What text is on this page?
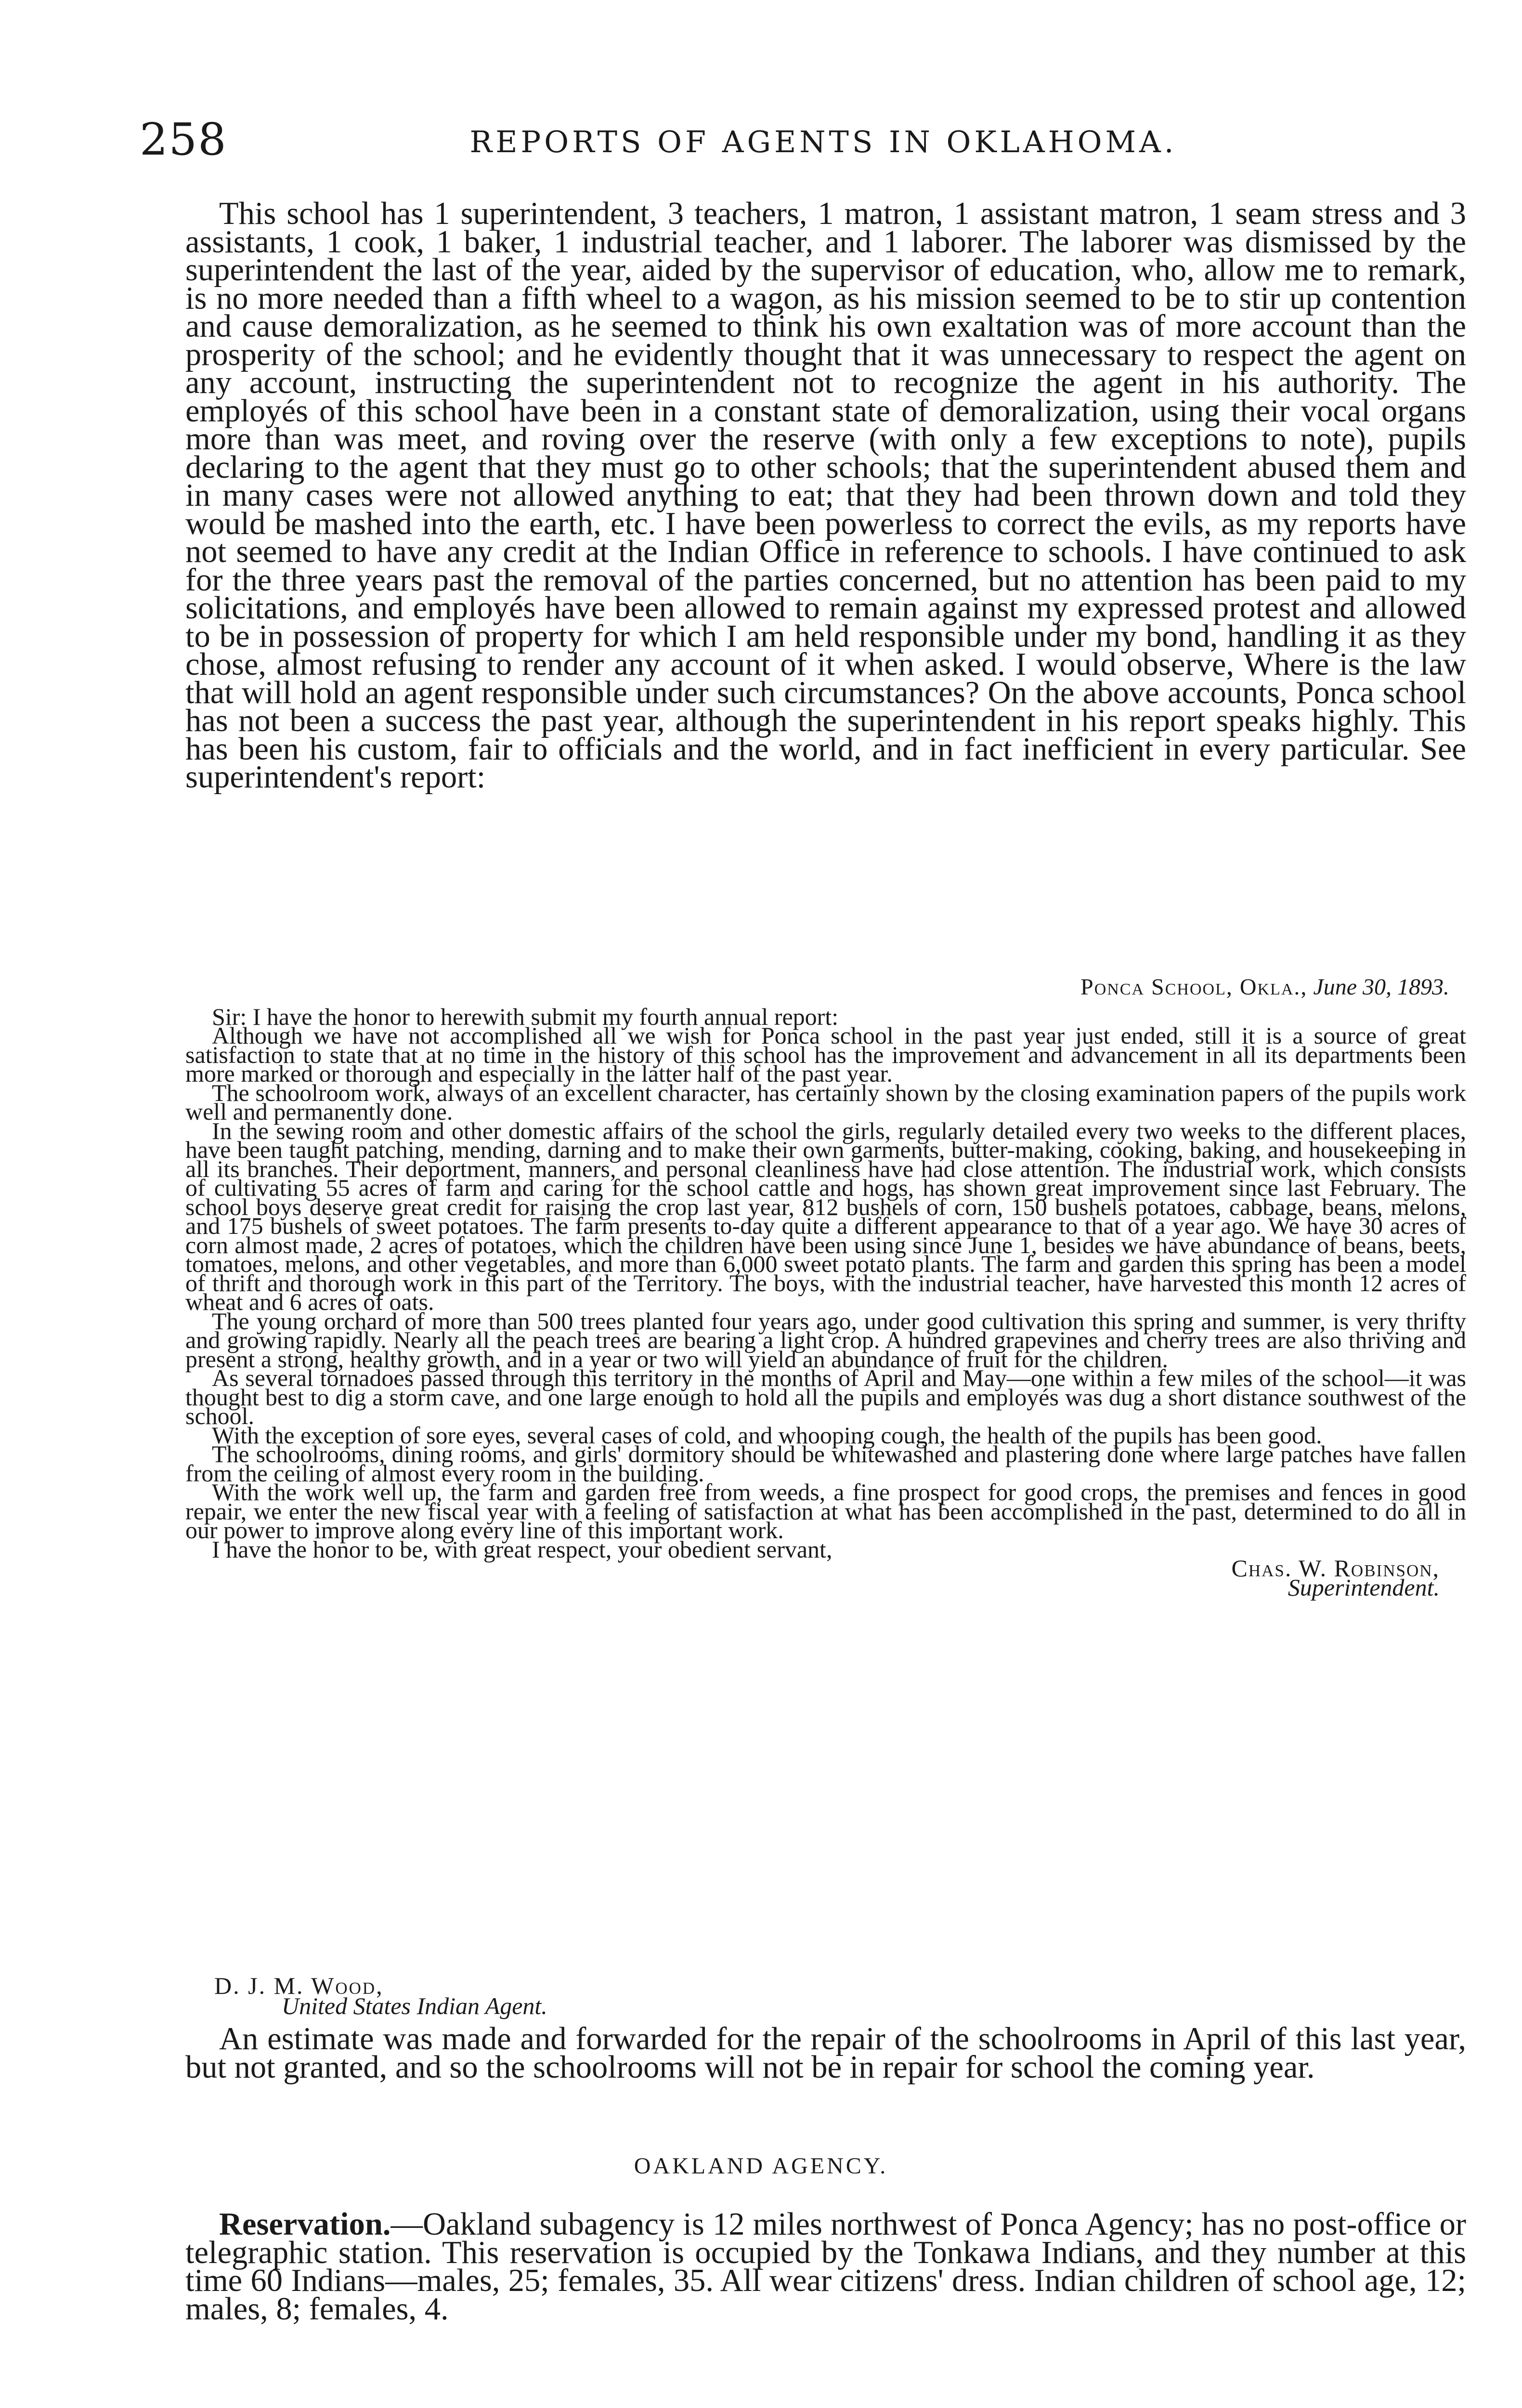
258	REPORTS OF AGENTS IN OKLAHOMA.

This school has 1 superintendent, 3 teachers, 1 matron, 1 assistant matron, 1 seam stress and 3 assistants, 1 cook, 1 baker, 1 industrial teacher, and 1 laborer. The laborer was dismissed by the superintendent the last of the year, aided by the supervisor of education, who, allow me to remark, is no more needed than a fifth wheel to a wagon, as his mission seemed to be to stir up contention and cause demoralization, as he seemed to think his own exaltation was of more account than the prosperity of the school; and he evidently thought that it was unnecessary to respect the agent on any account, instructing the superintendent not to recognize the agent in his authority. The employés of this school have been in a constant state of demoralization, using their vocal organs more than was meet, and roving over the reserve (with only a few exceptions to note), pupils declaring to the agent that they must go to other schools; that the superintendent abused them and in many cases were not allowed anything to eat; that they had been thrown down and told they would be mashed into the earth, etc. I have been powerless to correct the evils, as my reports have not seemed to have any credit at the Indian Office in reference to schools. I have continued to ask for the three years past the removal of the parties concerned, but no attention has been paid to my solicitations, and employés have been allowed to remain against my expressed protest and allowed to be in possession of property for which I am held responsible under my bond, handling it as they chose, almost refusing to render any account of it when asked. I would observe, Where is the law that will hold an agent responsible under such circumstances? On the above accounts, Ponca school has not been a success the past year, although the superintendent in his report speaks highly. This has been his custom, fair to officials and the world, and in fact inefficient in every particular. See superintendent's report:

Ponca School, Okla., June 30, 1893.

Sir: I have the honor to herewith submit my fourth annual report:

Although we have not accomplished all we wish for Ponca school in the past year just ended, still it is a source of great satisfaction to state that at no time in the history of this school has the improvement and advancement in all its departments been more marked or thorough and especially in the latter half of the past year.

The schoolroom work, always of an excellent character, has certainly shown by the closing examination papers of the pupils work well and permanently done.

In the sewing room and other domestic affairs of the school the girls, regularly detailed every two weeks to the different places, have been taught patching, mending, darning and to make their own garments, butter-making, cooking, baking, and housekeeping in all its branches. Their deportment, manners, and personal cleanliness have had close attention. The industrial work, which consists of cultivating 55 acres of farm and caring for the school cattle and hogs, has shown great improvement since last February. The school boys deserve great credit for raising the crop last year, 812 bushels of corn, 150 bushels potatoes, cabbage, beans, melons, and 175 bushels of sweet potatoes. The farm presents to-day quite a different appearance to that of a year ago. We have 30 acres of corn almost made, 2 acres of potatoes, which the children have been using since June 1, besides we have abundance of beans, beets, tomatoes, melons, and other vegetables, and more than 6,000 sweet potato plants. The farm and garden this spring has been a model of thrift and thorough work in this part of the Territory. The boys, with the industrial teacher, have harvested this month 12 acres of wheat and 6 acres of oats.

The young orchard of more than 500 trees planted four years ago, under good cultivation this spring and summer, is very thrifty and growing rapidly. Nearly all the peach trees are bearing a light crop. A hundred grapevines and cherry trees are also thriving and present a strong, healthy growth, and in a year or two will yield an abundance of fruit for the children.

As several tornadoes passed through this territory in the months of April and May—one within a few miles of the school—it was thought best to dig a storm cave, and one large enough to hold all the pupils and employés was dug a short distance southwest of the school.

With the exception of sore eyes, several cases of cold, and whooping cough, the health of the pupils has been good.

The schoolrooms, dining rooms, and girls' dormitory should be whitewashed and plastering done where large patches have fallen from the ceiling of almost every room in the building.

With the work well up, the farm and garden free from weeds, a fine prospect for good crops, the premises and fences in good repair, we enter the new fiscal year with a feeling of satisfaction at what has been accomplished in the past, determined to do all in our power to improve along every line of this important work.

I have the honor to be, with great respect, your obedient servant,

Chas. W. Robinson,
Superintendent.
D. J. M. Wood,
United States Indian Agent.

An estimate was made and forwarded for the repair of the schoolrooms in April of this last year, but not granted, and so the schoolrooms will not be in repair for school the coming year.

OAKLAND AGENCY.

Reservation.—Oakland subagency is 12 miles northwest of Ponca Agency; has no post-office or telegraphic station. This reservation is occupied by the Tonkawa Indians, and they number at this time 60 Indians—males, 25; females, 35. All wear citizens' dress. Indian children of school age, 12; males, 8; females, 4.
